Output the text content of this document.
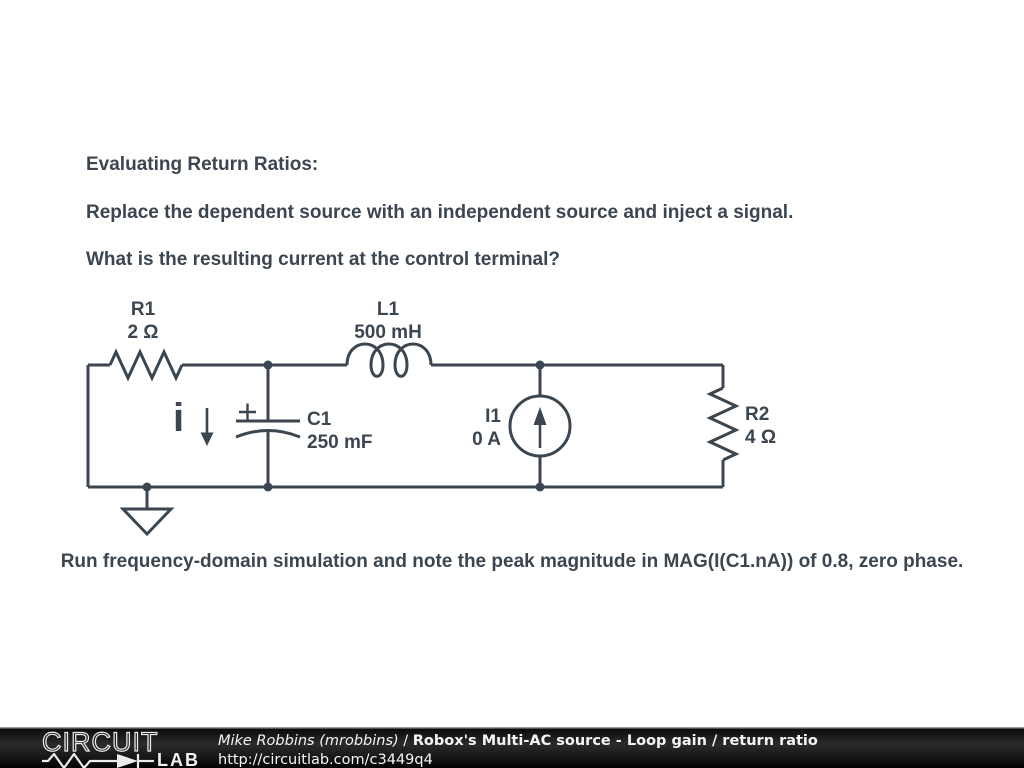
Evaluating Return Ratios:
Replace the dependent source with an independent source and inject a signal.
What is the resulting current at the control terminal?
R1
2 Ω
L1
500 mH
C1
250 mF
I1
0 A
R2
4 Ω
i
Run frequency-domain simulation and note the peak magnitude in MAG(I(C1.nA)) of 0.8, zero phase.
CIRCUIT
LAB
Mike Robbins (mrobbins) / Robox's Multi-AC source - Loop gain / return ratio
http://circuitlab.com/c3449q4
